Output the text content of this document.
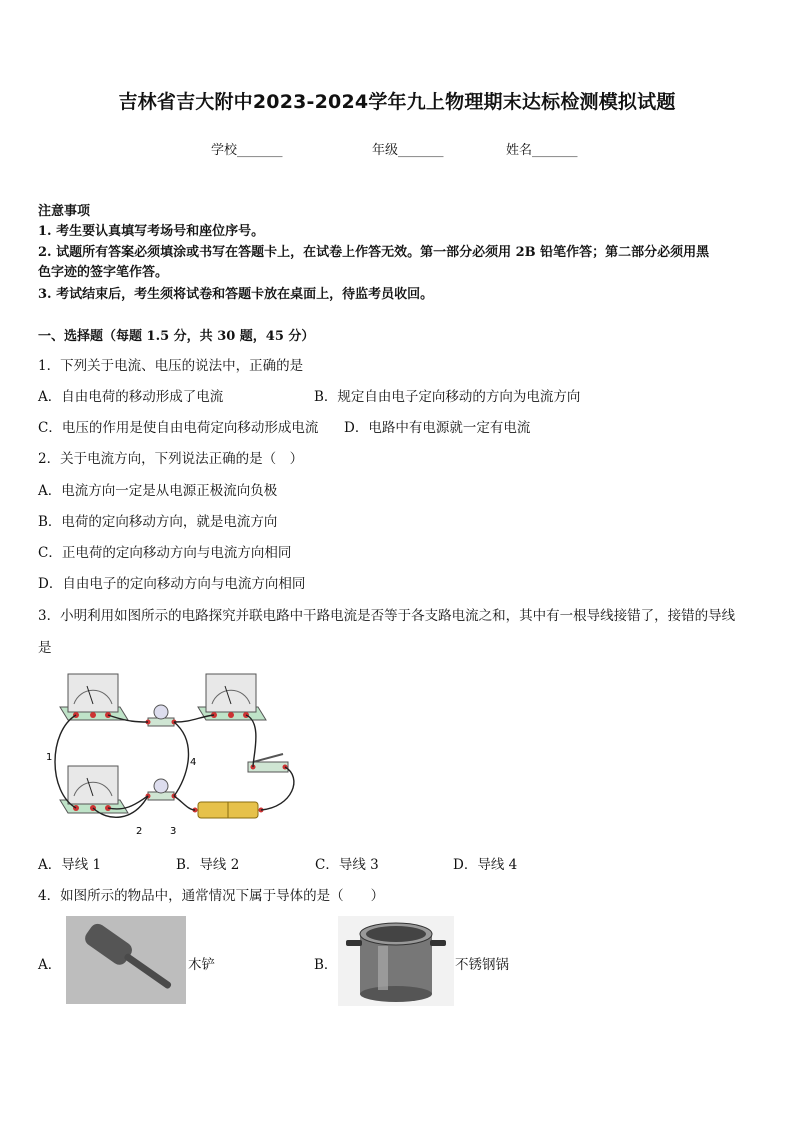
吉林省吉大附中2023-2024学年九上物理期末达标检测模拟试题
学校_______	年级_______	姓名_______
注意事项
1. 考生要认真填写考场号和座位序号。
2. 试题所有答案必须填涂或书写在答题卡上，在试卷上作答无效。第一部分必须用 2B 铅笔作答；第二部分必须用黑
色字迹的签字笔作答。
3. 考试结束后，考生须将试卷和答题卡放在桌面上，待监考员收回。
一、选择题（每题 1.5 分，共 30 题，45 分）
1．下列关于电流、电压的说法中，正确的是
A．自由电荷的移动形成了电流	B．规定自由电子定向移动的方向为电流方向
C．电压的作用是使自由电荷定向移动形成电流 D．电路中有电源就一定有电流
2．关于电流方向，下列说法正确的是（　）
A．电流方向一定是从电源正极流向负极
B．电荷的定向移动方向，就是电流方向
C．正电荷的定向移动方向与电流方向相同
D．自由电子的定向移动方向与电流方向相同
3．小明利用如图所示的电路探究并联电路中干路电流是否等于各支路电流之和，其中有一根导线接错了，接错的导线
是
1
2	3
4
A．导线 1	B．导线 2	C．导线 3	D．导线 4
4．如图所示的物品中，通常情况下属于导体的是（　　）
A．	木铲	B．	不锈钢锅
